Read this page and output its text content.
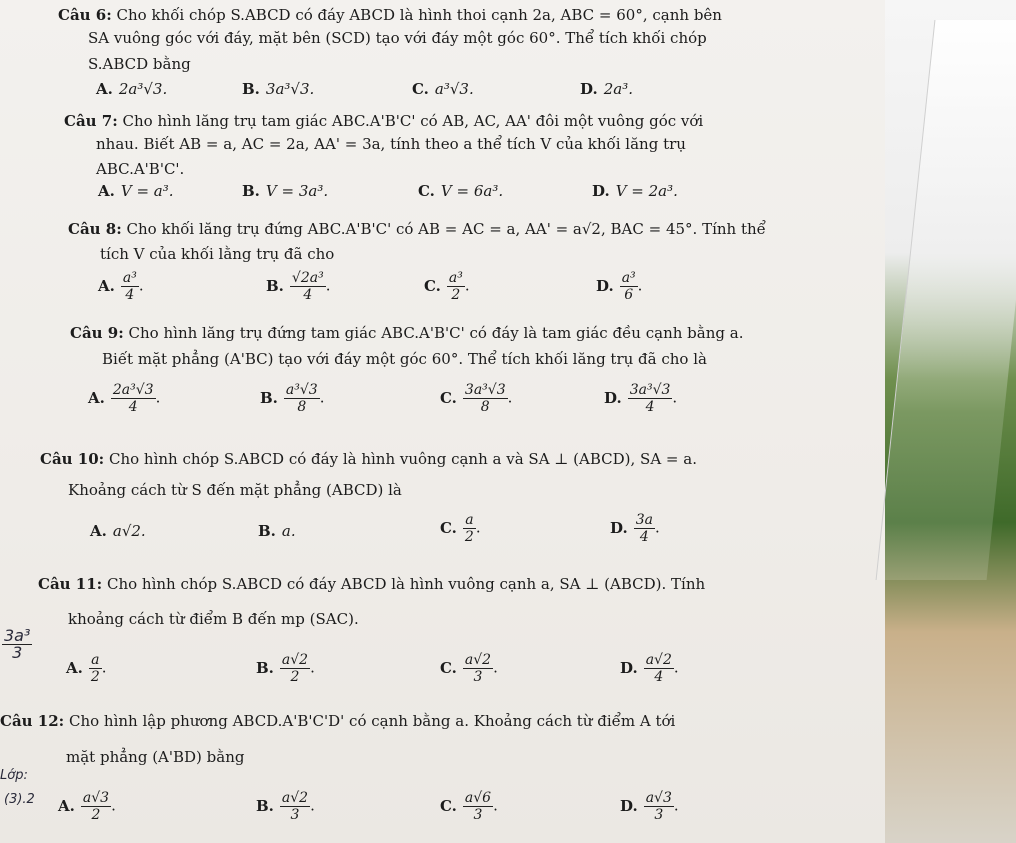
Câu 6: Cho khối chóp S.ABCD có đáy ABCD là hình thoi cạnh 2a, ABC = 60°, cạnh bên
SA vuông góc với đáy, mặt bên (SCD) tạo với đáy một góc 60°. Thể tích khối chóp
S.ABCD bằng
A. 2a³√3.	B. 3a³√3.	C. a³√3.	D. 2a³.
Câu 7: Cho hình lăng trụ tam giác ABC.A'B'C' có AB, AC, AA' đôi một vuông góc với
nhau. Biết AB = a, AC = 2a, AA' = 3a, tính theo a thể tích V của khối lăng trụ
ABC.A'B'C'.
A. V = a³.	B. V = 3a³.	C. V = 6a³.	D. V = 2a³.
Câu 8: Cho khối lăng trụ đứng ABC.A'B'C' có AB = AC = a, AA' = a√2, BAC = 45°. Tính thể
tích V của khối lằng trụ đã cho
A. $\frac{\text{a³}}{4}$ .	B. $\frac{\text{√2a³}}{4}$ .	C. $\frac{\text{a³}}{2}$ .	D. $\frac{\text{a³}}{6}$ .
Câu 9: Cho hình lăng trụ đứng tam giác ABC.A'B'C' có đáy là tam giác đều cạnh bằng a.
Biết mặt phẳng (A'BC) tạo với đáy một góc 60°. Thể tích khối lăng trụ đã cho là
A. $\frac{\text{2a³√3}}{4}$ .	B. $\frac{\text{a³√3}}{8}$ .	C. $\frac{\text{3a³√3}}{8}$ .	D. $\frac{\text{3a³√3}}{4}$ .
Câu 10: Cho hình chóp S.ABCD có đáy là hình vuông cạnh a và SA ⊥ (ABCD), SA = a.
Khoảng cách từ S đến mặt phẳng (ABCD) là
A. a√2.	B. a.	C. $\frac{a}{2}$ .	D. $\frac{3a}{4}$ .
Câu 11: Cho hình chóp S.ABCD có đáy ABCD là hình vuông cạnh a, SA ⊥ (ABCD). Tính
khoảng cách từ điểm B đến mp (SAC).
A. $\frac{a}{2}$ .	B. $\frac{a√2}{2}$ .	C. $\frac{a√2}{3}$ .	D. $\frac{a√2}{4}$ .
Câu 12: Cho hình lập phương ABCD.A'B'C'D' có cạnh bằng a. Khoảng cách từ điểm A tới
mặt phẳng (A'BD) bằng
A. $\frac{a√3}{2}$ .	B. $\frac{a√2}{3}$ .	C. $\frac{a√6}{3}$ .	D. $\frac{a√3}{3}$ .
$\frac{\text{3a³}}{3}$
Lớp:
(3).2
